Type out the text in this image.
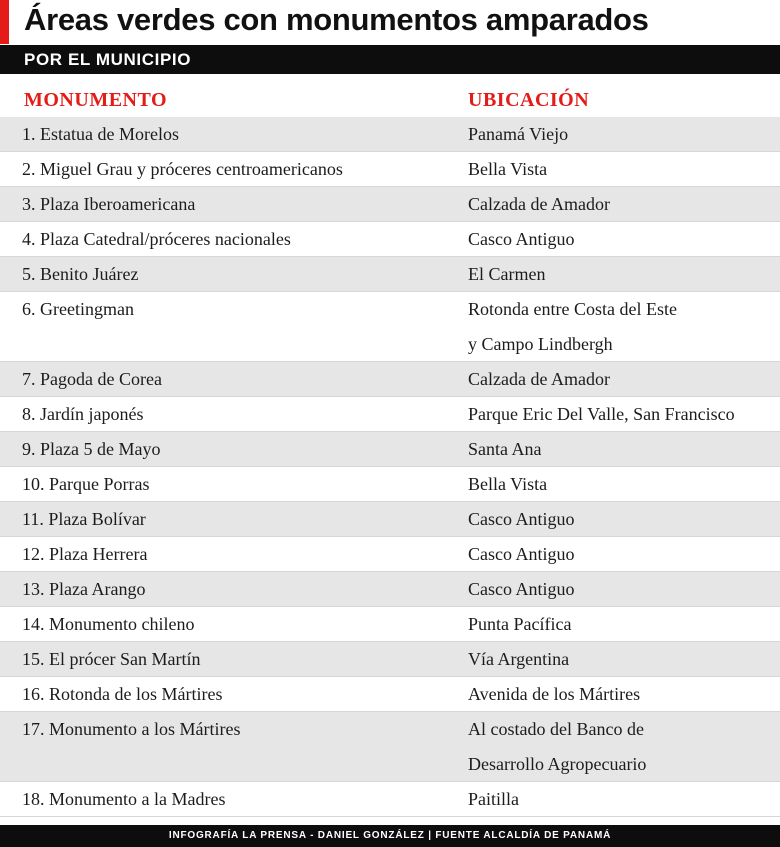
Áreas verdes con monumentos amparados
POR EL MUNICIPIO
MONUMENTO	UBICACIÓN
1. Estatua de Morelos	Panamá Viejo
2. Miguel Grau y próceres centroamericanos	Bella Vista
3. Plaza Iberoamericana	Calzada de Amador
4. Plaza Catedral/próceres nacionales	Casco Antiguo
5. Benito Juárez	El Carmen
6. Greetingman	Rotonda entre Costa del Este
y Campo Lindbergh
7. Pagoda de Corea	Calzada de Amador
8. Jardín japonés	Parque Eric Del Valle, San Francisco
9. Plaza 5 de Mayo	Santa Ana
10. Parque Porras	Bella Vista
11. Plaza Bolívar	Casco Antiguo
12. Plaza Herrera	Casco Antiguo
13. Plaza Arango	Casco Antiguo
14. Monumento chileno	Punta Pacífica
15. El prócer San Martín	Vía Argentina
16. Rotonda de los Mártires	Avenida de los Mártires
17. Monumento a los Mártires	Al costado del Banco de
Desarrollo Agropecuario
18. Monumento a la Madres	Paitilla
INFOGRAFÍA LA PRENSA - DANIEL GONZÁLEZ | FUENTE ALCALDÍA DE PANAMÁ
